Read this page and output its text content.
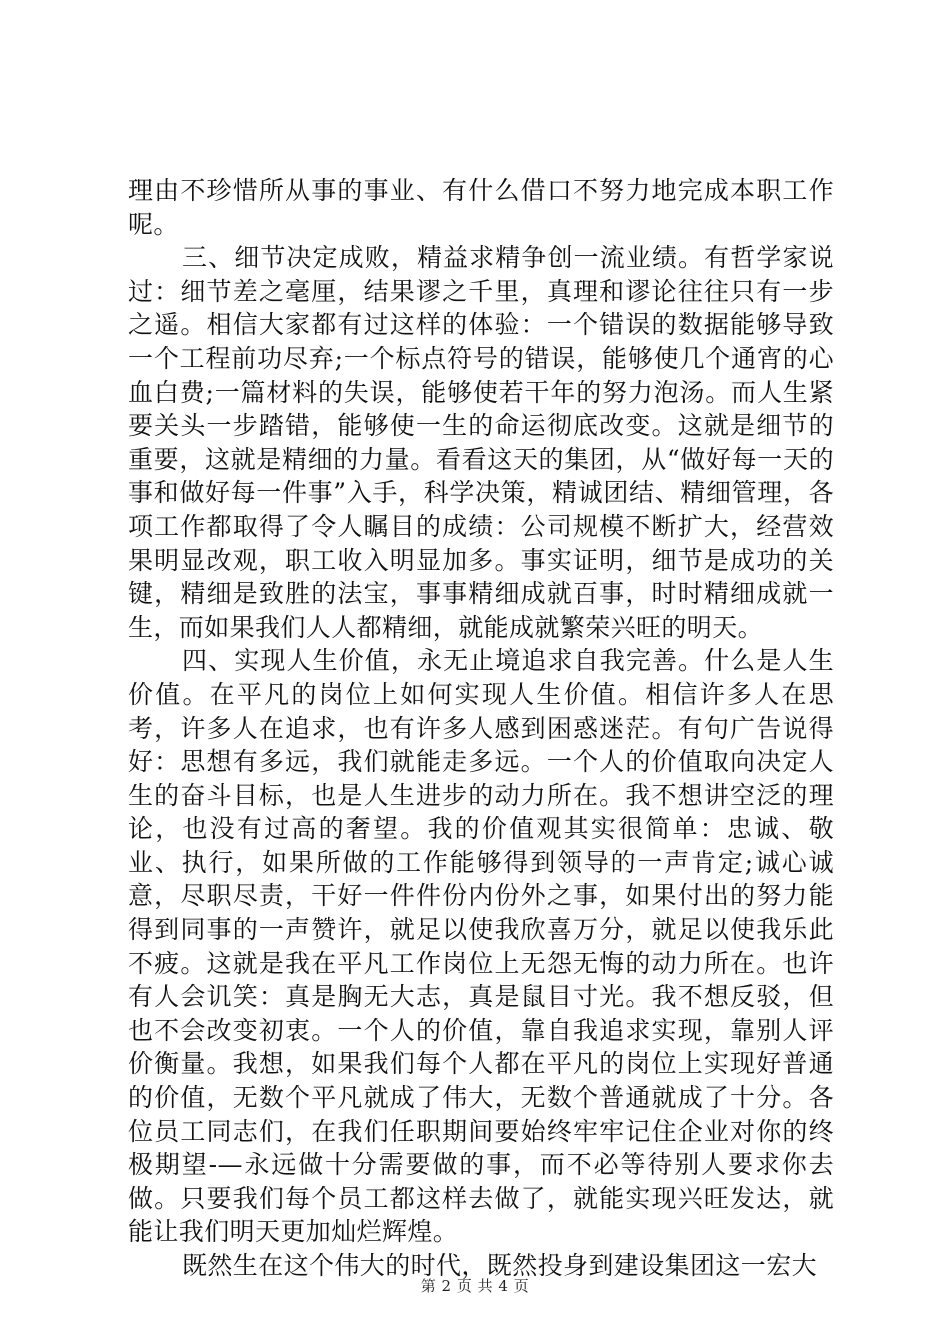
理由不珍惜所从事的事业、有什么借口不努力地完成本职工作呢。

三、细节决定成败，精益求精争创一流业绩。有哲学家说过：细节差之毫厘，结果谬之千里，真理和谬论往往只有一步之遥。相信大家都有过这样的体验：一个错误的数据能够导致一个工程前功尽弃;一个标点符号的错误，能够使几个通宵的心血白费;一篇材料的失误，能够使若干年的努力泡汤。而人生紧要关头一步踏错，能够使一生的命运彻底改变。这就是细节的重要，这就是精细的力量。看看这天的集团，从“做好每一天的事和做好每一件事”入手，科学决策，精诚团结、精细管理，各项工作都取得了令人瞩目的成绩：公司规模不断扩大，经营效果明显改观，职工收入明显加多。事实证明，细节是成功的关键，精细是致胜的法宝，事事精细成就百事，时时精细成就一生，而如果我们人人都精细，就能成就繁荣兴旺的明天。

四、实现人生价值，永无止境追求自我完善。什么是人生价值。在平凡的岗位上如何实现人生价值。相信许多人在思考，许多人在追求，也有许多人感到困惑迷茫。有句广告说得好：思想有多远，我们就能走多远。一个人的价值取向决定人生的奋斗目标，也是人生进步的动力所在。我不想讲空泛的理论，也没有过高的奢望。我的价值观其实很简单：忠诚、敬业、执行，如果所做的工作能够得到领导的一声肯定;诚心诚意，尽职尽责，干好一件件份内份外之事，如果付出的努力能得到同事的一声赞许，就足以使我欣喜万分，就足以使我乐此不疲。这就是我在平凡工作岗位上无怨无悔的动力所在。也许有人会讥笑：真是胸无大志，真是鼠目寸光。我不想反驳，但也不会改变初衷。一个人的价值，靠自我追求实现，靠别人评价衡量。我想，如果我们每个人都在平凡的岗位上实现好普通的价值，无数个平凡就成了伟大，无数个普通就成了十分。各位员工同志们，在我们任职期间要始终牢牢记住企业对你的终极期望-—永远做十分需要做的事，而不必等待别人要求你去做。只要我们每个员工都这样去做了，就能实现兴旺发达，就能让我们明天更加灿烂辉煌。

既然生在这个伟大的时代，既然投身到建设集团这一宏大

第 2 页 共 4 页
